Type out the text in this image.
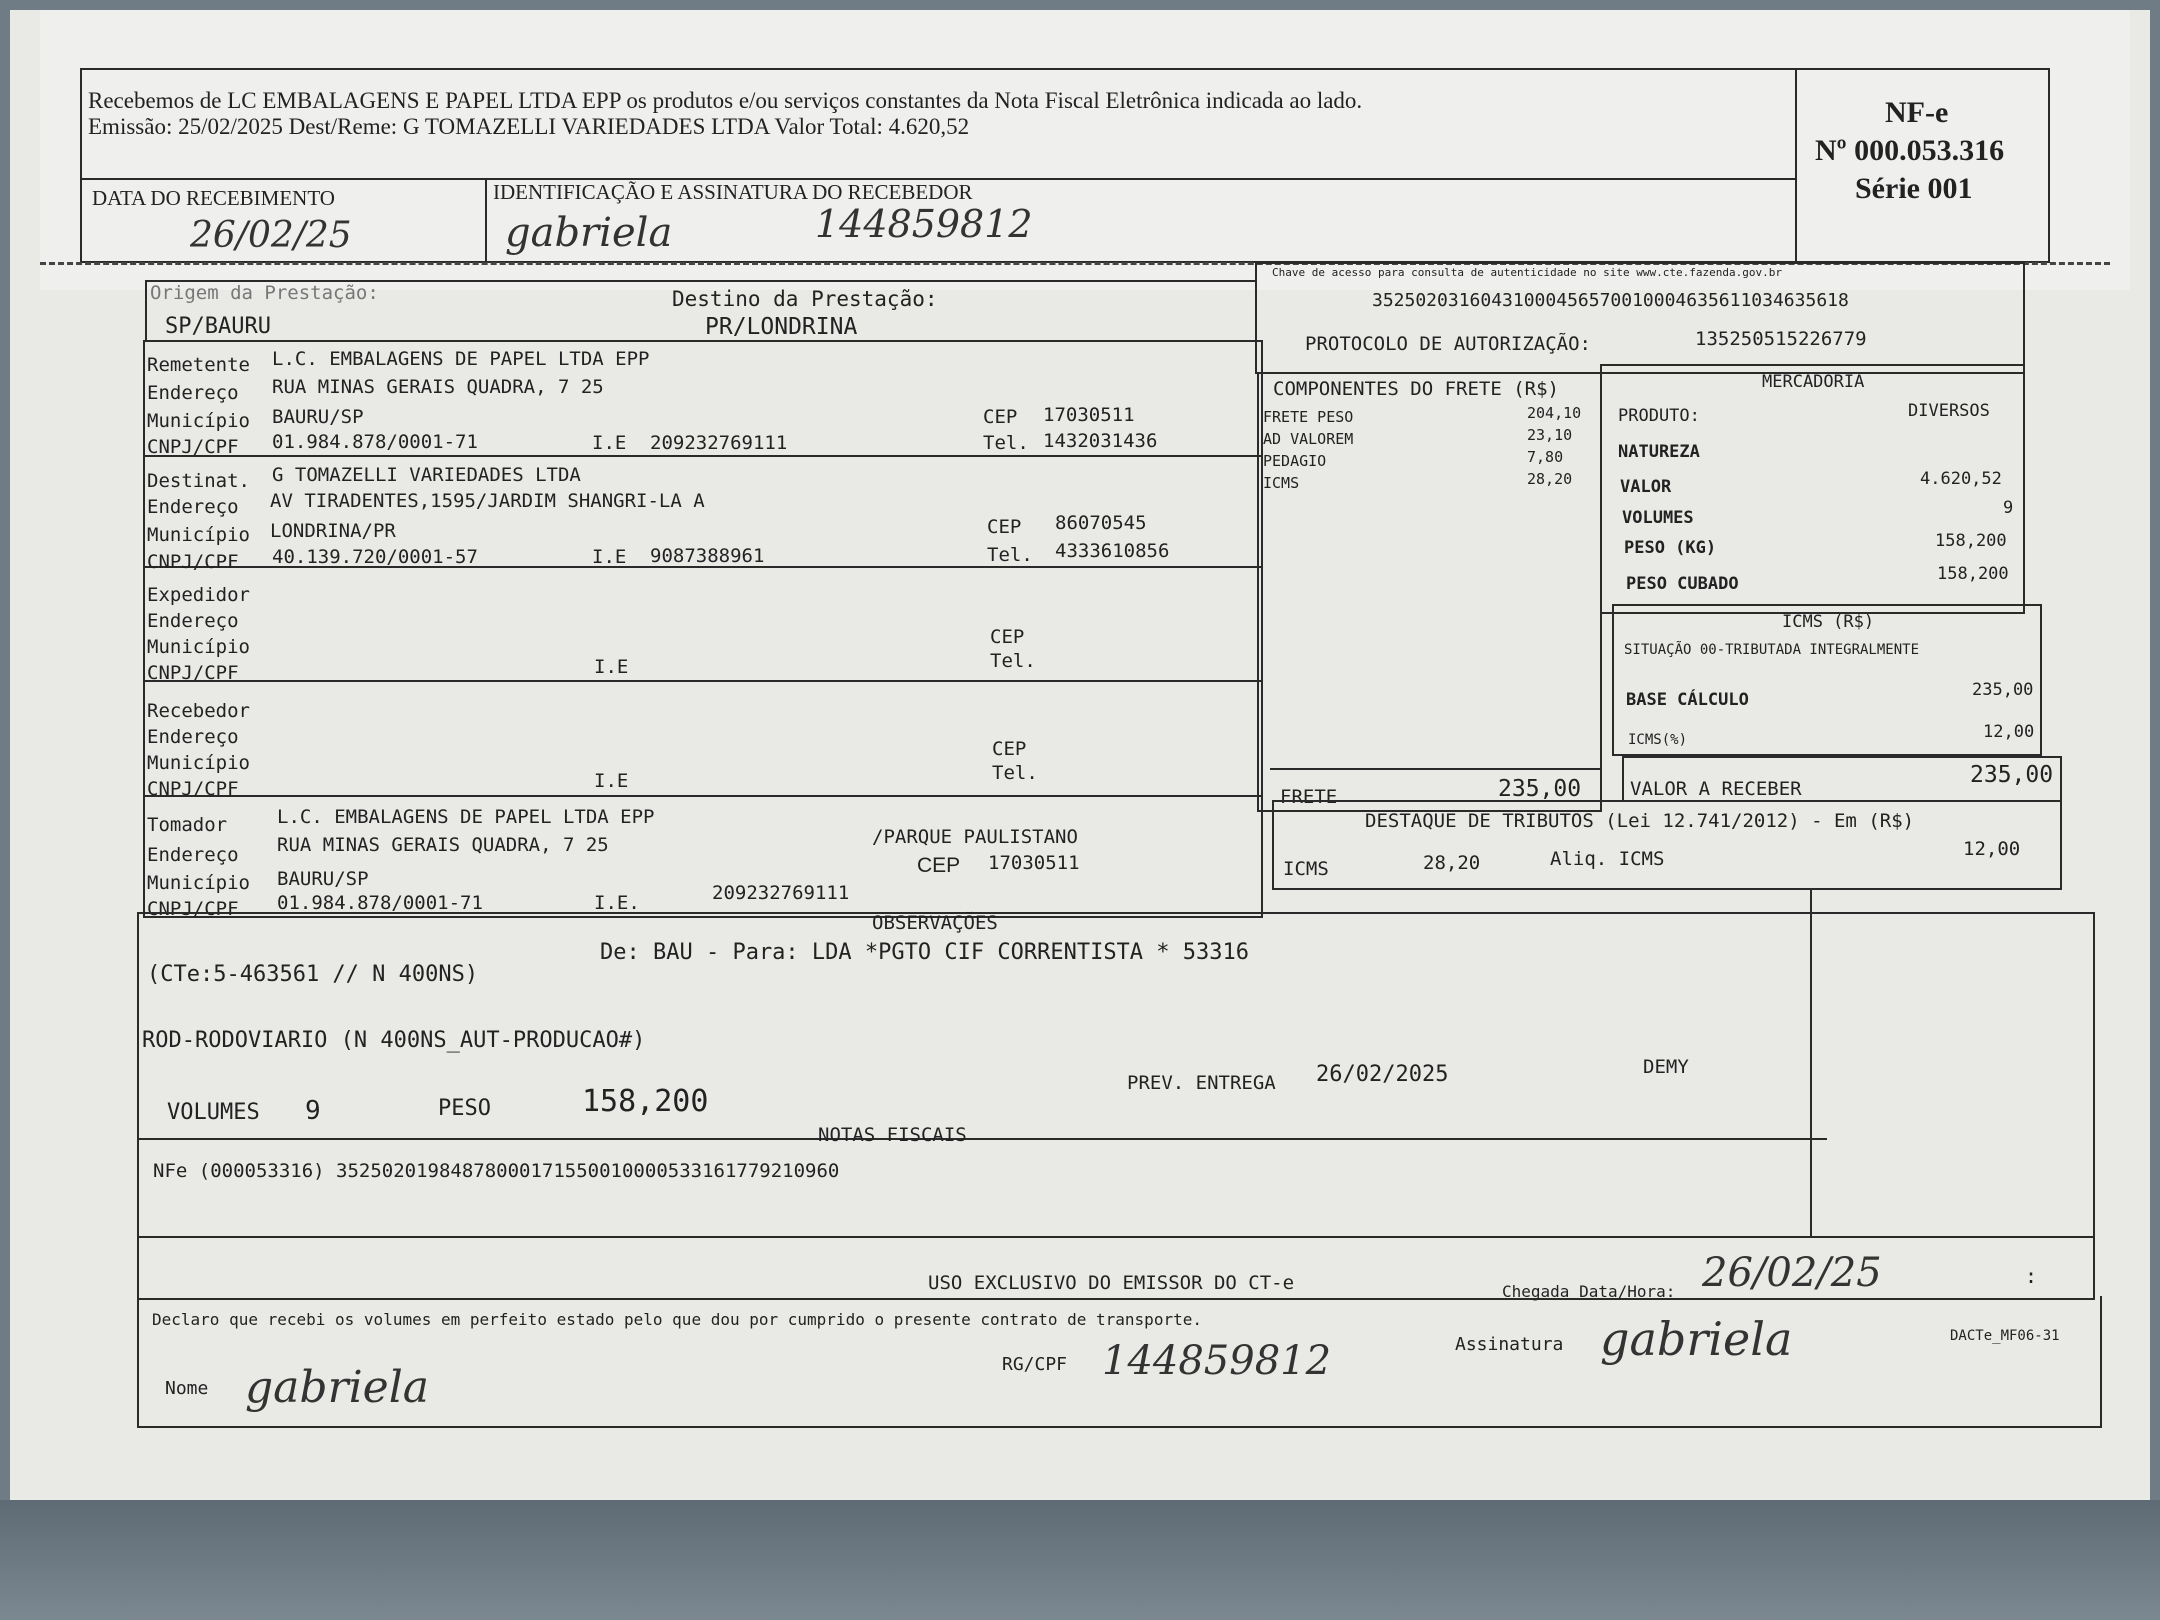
Recebemos de LC EMBALAGENS E PAPEL LTDA EPP os produtos e/ou serviços constantes da Nota Fiscal Eletrônica indicada ao lado.
Emissão: 25/02/2025 Dest/Reme: G TOMAZELLI VARIEDADES LTDA Valor Total: 4.620,52
DATA DO RECEBIMENTO
26/02/25
IDENTIFICAÇÃO E ASSINATURA DO RECEBEDOR
gabriela	144859812
NF-e
Nº 000.053.316
Série 001
Origem da Prestação:
SP/BAURU
Destino da Prestação:
PR/LONDRINA
Chave de acesso para consulta de autenticidade no site www.cte.fazenda.gov.br
35250203160431000456570010004635611034635618
PROTOCOLO DE AUTORIZAÇÃO:	135250515226779
Remetente L.C. EMBALAGENS DE PAPEL LTDA EPP
Endereço RUA MINAS GERAIS QUADRA, 7 25
Município BAURU/SP
CNPJ/CPF 01.984.878/0001-71	I.E 209232769111
CEP 17030511
Tel. 1432031436
Destinat. G TOMAZELLI VARIEDADES LTDA
Endereço AV TIRADENTES,1595/JARDIM SHANGRI-LA A
Município LONDRINA/PR
CNPJ/CPF 40.139.720/0001-57	I.E 9087388961
CEP 86070545
Tel. 4333610856
Expedidor
Endereço
Município
CNPJ/CPF	I.E
CEP
Tel.
Recebedor
Endereço
Município
CNPJ/CPF	I.E
CEP
Tel.
Tomador	L.C. EMBALAGENS DE PAPEL LTDA EPP
Endereço RUA MINAS GERAIS QUADRA, 7 25	/PARQUE PAULISTANO
Município BAURU/SP
CEP 17030511
CNPJ/CPF 01.984.878/0001-71	I.E.	209232769111
COMPONENTES DO FRETE (R$)
FRETE PESO	204,10
AD VALOREM	23,10
PEDAGIO	7,80
ICMS	28,20
FRETE	235,00
MERCADORIA
PRODUTO:	DIVERSOS
NATUREZA
VALOR	4.620,52
VOLUMES	9
PESO (KG)	158,200
PESO CUBADO	158,200
ICMS (R$)
SITUAÇÃO 00-TRIBUTADA INTEGRALMENTE
BASE CÁLCULO	235,00
ICMS(%)	12,00
VALOR A RECEBER
235,00
DESTAQUE DE TRIBUTOS (Lei 12.741/2012) - Em (R$)
ICMS	28,20	Aliq. ICMS	12,00
OBSERVAÇÕES
(CTe:5-463561 // N 400NS)
De: BAU - Para: LDA *PGTO CIF CORRENTISTA * 53316
ROD-RODOVIARIO (N 400NS_AUT-PRODUCAO#)
PREV. ENTREGA 26/02/2025	DEMY
VOLUMES 9	PESO	158,200
NOTAS FISCAIS
NFe (000053316) 35250201984878000171550010000533161779210960
USO EXCLUSIVO DO EMISSOR DO CT-e
Declaro que recebi os volumes em perfeito estado pelo que dou por cumprido o presente contrato de transporte.
Chegada Data/Hora: 26/02/25	:
Nome gabriela	RG/CPF 144859812	Assinatura gabriela	DACTe_MF06-31
